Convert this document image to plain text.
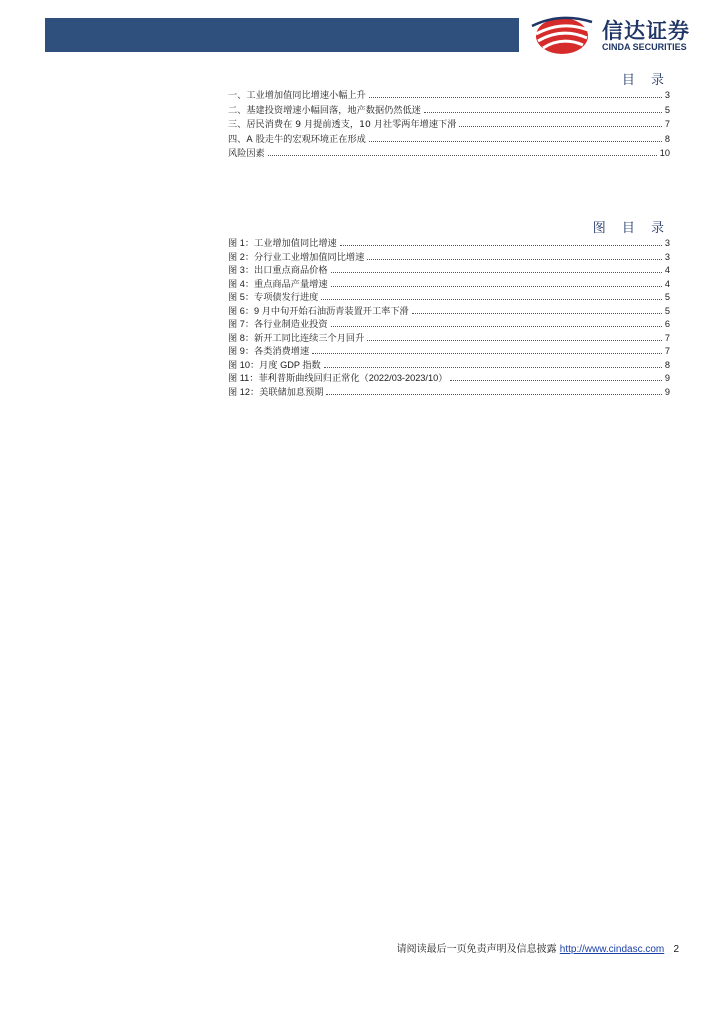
信达证券
CINDA SECURITIES
目 录
一、工业增加值同比增速小幅上升	3
二、基建投资增速小幅回落，地产数据仍然低迷	5
三、居民消费在 9 月提前透支，10 月社零两年增速下滑	7
四、A 股走牛的宏观环境正在形成	8
风险因素	10
图 目 录
图 1：工业增加值同比增速	3
图 2：分行业工业增加值同比增速	3
图 3：出口重点商品价格	4
图 4：重点商品产量增速	4
图 5：专项债发行进度	5
图 6：9 月中旬开始石油沥青装置开工率下滑	5
图 7：各行业制造业投资	6
图 8：新开工同比连续三个月回升	7
图 9：各类消费增速	7
图 10：月度 GDP 指数	8
图 11：菲利普斯曲线回归正常化（2022/03-2023/10）	9
图 12：美联储加息预期	9
请阅读最后一页免责声明及信息披露 http://www.cindasc.com 2
